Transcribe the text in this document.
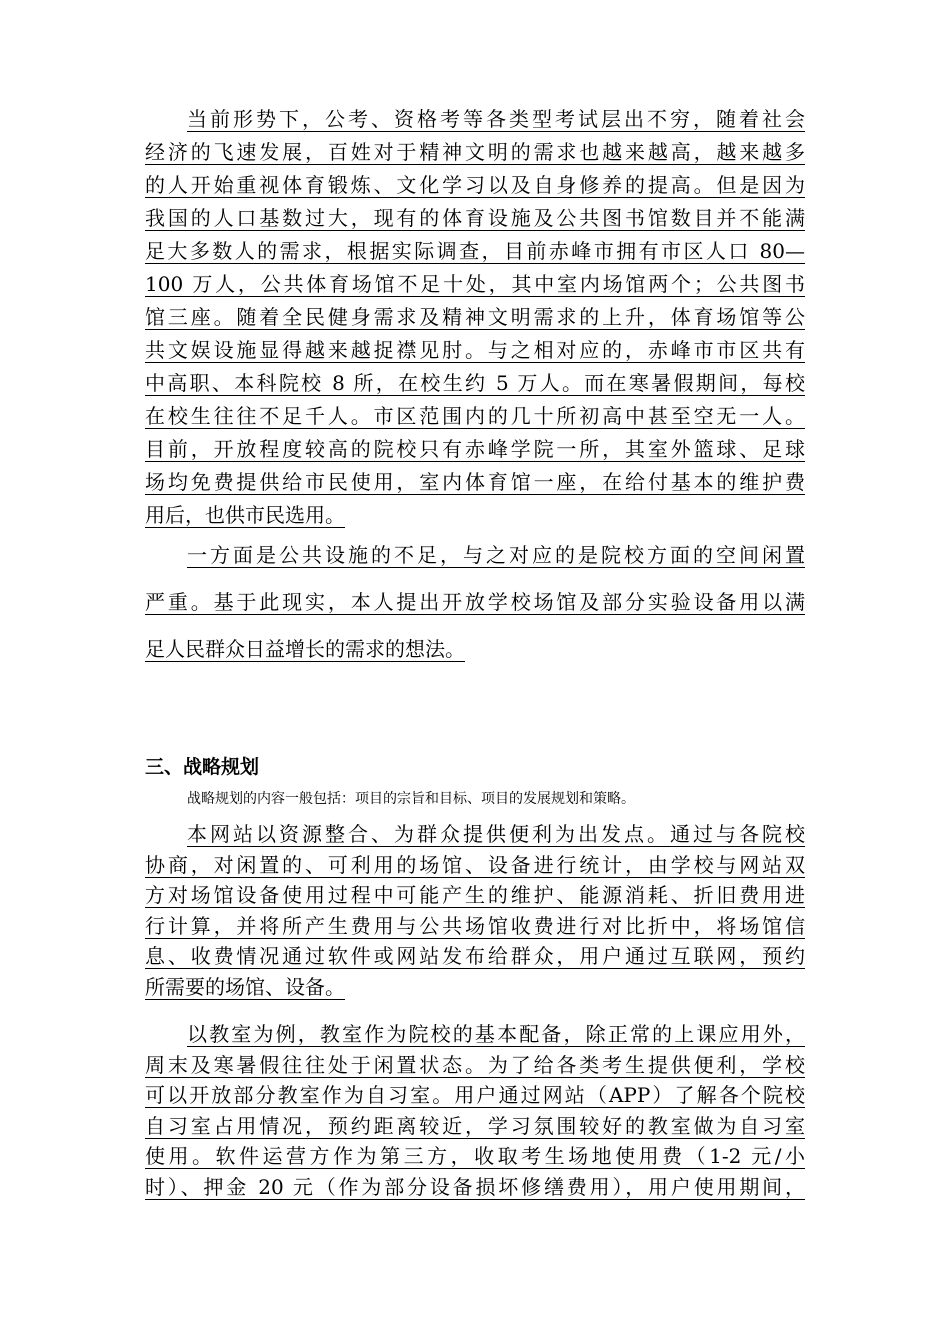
当前形势下，公考、资格考等各类型考试层出不穷，随着社会
经济的飞速发展，百姓对于精神文明的需求也越来越高，越来越多
的人开始重视体育锻炼、文化学习以及自身修养的提高。但是因为
我国的人口基数过大，现有的体育设施及公共图书馆数目并不能满
足大多数人的需求，根据实际调查，目前赤峰市拥有市区人口 80—
100 万人，公共体育场馆不足十处，其中室内场馆两个；公共图书
馆三座。随着全民健身需求及精神文明需求的上升，体育场馆等公
共文娱设施显得越来越捉襟见肘。与之相对应的，赤峰市市区共有
中高职、本科院校 8 所，在校生约 5 万人。而在寒暑假期间，每校
在校生往往不足千人。市区范围内的几十所初高中甚至空无一人。
目前，开放程度较高的院校只有赤峰学院一所，其室外篮球、足球
场均免费提供给市民使用，室内体育馆一座，在给付基本的维护费
用后，也供市民选用。

一方面是公共设施的不足，与之对应的是院校方面的空间闲置
严重。基于此现实，本人提出开放学校场馆及部分实验设备用以满
足人民群众日益增长的需求的想法。

三、战略规划
战略规划的内容一般包括：项目的宗旨和目标、项目的发展规划和策略。
本网站以资源整合、为群众提供便利为出发点。通过与各院校
协商，对闲置的、可利用的场馆、设备进行统计，由学校与网站双
方对场馆设备使用过程中可能产生的维护、能源消耗、折旧费用进
行计算，并将所产生费用与公共场馆收费进行对比折中，将场馆信
息、收费情况通过软件或网站发布给群众，用户通过互联网，预约
所需要的场馆、设备。

以教室为例，教室作为院校的基本配备，除正常的上课应用外，
周末及寒暑假往往处于闲置状态。为了给各类考生提供便利，学校
可以开放部分教室作为自习室。用户通过网站（APP）了解各个院校
自习室占用情况，预约距离较近，学习氛围较好的教室做为自习室
使用。软件运营方作为第三方，收取考生场地使用费（1-2 元/小
时）、押金 20 元（作为部分设备损坏修缮费用），用户使用期间，
